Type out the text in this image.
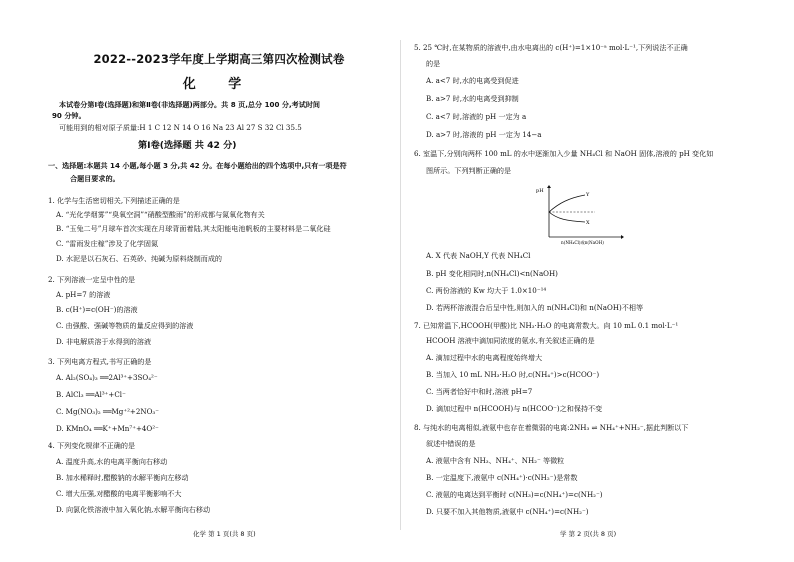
2022--2023学年度上学期高三第四次检测试卷
化 学
本试卷分第Ⅰ卷(选择题)和第Ⅱ卷(非选择题)两部分。共 8 页,总分 100 分,考试时间
90 分钟。
可能用到的相对原子质量:H 1 C 12 N 14 O 16 Na 23 Al 27 S 32 Cl 35.5
第Ⅰ卷(选择题 共 42 分)
一、选择题:本题共 14 小题,每小题 3 分,共 42 分。在每小题给出的四个选项中,只有一项是符
合题目要求的。
1. 化学与生活密切相关,下列描述正确的是
A. “光化学烟雾”“臭氧空洞”“硝酸型酸雨”的形成都与氮氧化物有关
B. “玉兔二号”月球车首次实现在月球背面着陆,其太阳能电池帆板的主要材料是二氧化硅
C. “雷雨发庄稼”涉及了化学固氮
D. 水泥是以石灰石、石英砂、纯碱为原料烧制而成的
2. 下列溶液一定呈中性的是
A. pH=7 的溶液
B. c(H⁺)=c(OH⁻)的溶液
C. 由强酸、强碱等物质的量反应得到的溶液
D. 非电解质溶于水得到的溶液
3. 下列电离方程式,书写正确的是
A. Al₂(SO₄)₃ ══2Al³⁺+3SO₄²⁻
B. AlCl₃ ══Al³⁺+Cl⁻
C. Mg(NO₃)₂ ══Mg⁺²+2NO₃⁻
D. KMnO₄ ══K⁺+Mn⁷⁺+4O²⁻
4. 下列变化规律不正确的是
A. 温度升高,水的电离平衡向右移动
B. 加水稀释时,醋酸钠的水解平衡向左移动
C. 增大压强,对醋酸的电离平衡影响不大
D. 向氯化铁溶液中加入氧化钠,水解平衡向右移动
5. 25 ℃时,在某物质的溶液中,由水电离出的 c(H⁺)=1×10⁻ᵃ mol·L⁻¹,下列说法不正确
的是
A. a<7 时,水的电离受到促进
B. a>7 时,水的电离受到抑制
C. a<7 时,溶液的 pH 一定为 a
D. a>7 时,溶液的 pH 一定为 14−a
6. 室温下,分别向两杯 100 mL 的水中逐渐加入少量 NH₄Cl 和 NaOH 固体,溶液的 pH 变化如
图所示。下列判断正确的是
A. X 代表 NaOH,Y 代表 NH₄Cl
B. pH 变化相同时,n(NH₄Cl)<n(NaOH)
C. 两份溶液的 Kw 均大于 1.0×10⁻¹⁴
D. 若两杯溶液混合后呈中性,则加入的 n(NH₄Cl)和 n(NaOH)不相等
7. 已知常温下,HCOOH(甲酸)比 NH₃·H₂O 的电离常数大。向 10 mL 0.1 mol·L⁻¹
HCOOH 溶液中滴加同浓度的氨水,有关叙述正确的是
A. 滴加过程中水的电离程度始终增大
B. 当加入 10 mL NH₃·H₂O 时,c(NH₄⁺)>c(HCOO⁻)
C. 当两者恰好中和时,溶液 pH=7
D. 滴加过程中 n(HCOOH)与 n(HCOO⁻)之和保持不变
8. 与纯水的电离相似,液氨中也存在着微弱的电离:2NH₃ ⇌ NH₄⁺+NH₂⁻,据此判断以下
叙述中错误的是
A. 液氨中含有 NH₃、NH₄⁺、NH₂⁻ 等微粒
B. 一定温度下,液氨中 c(NH₄⁺)·c(NH₂⁻)是常数
C. 液氨的电离达到平衡时 c(NH₃)=c(NH₄⁺)=c(NH₂⁻)
D. 只要不加入其他物质,液氨中 c(NH₄⁺)=c(NH₂⁻)
pH
Y
X
n(NH₄Cl)或n(NaOH)
化学 第 1 页(共 8 页)	学 第 2 页(共 8 页)
